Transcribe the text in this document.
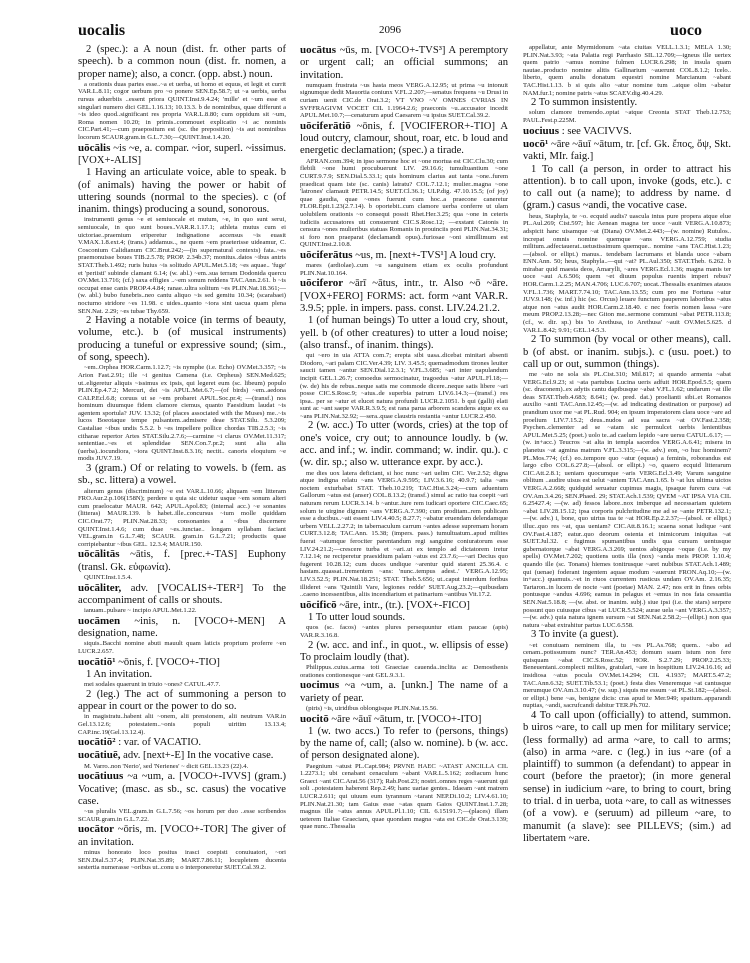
uocalis	2096	uoco

2 (spec.): a A noun (dist. fr. other parts of speech). b a common noun (dist. fr. nomen, a proper name); also, a concr. (opp. abst.) noun.

a orationis duas partes esse..~a et uerba, ut homo et equus, et legit et currit VAR.L.8.11; cogor uerbum pro ~o ponere SEN.Ep.58.7; ut ~a uerbis, uerba rursus aduerbiis ..essent priora QUINT.Inst.9.4.24; 'mille' et ~um esse et singulari numero dici GEL.1.16.13; 10.13.3. b de nominibus, quae differunt a ~is ideo quod..significant res propria VAR.L.8.80; cum oppidum sit ~um, Roma nomen 10.20; in primis..commouet explicatio ~i ac nominis CIC.Part.41;—cum praepositum est (sc. the preposition) ~is aut nominibus locorum SCAUR.gram.in G.L.7.30;—QUINT.Inst.1.4.20.

uōcālis ~is ~e, a. compar. ~ior, superl. ~issimus. [VOX+-ALIS]

1 Having an articulate voice, able to speak. b (of animals) having the power or habit of uttering sounds (normal to the species). c (of inanim. things) producing a sound, sonorous.

instrumenti genus ~e et semiuocale et mutum, ~e, in quo sunt serui, semiuocale, in quo sunt boues..VAR.R.1.17.1; athleta mutus cum ei uictoriae..praemium eriperetur indignatione accensus ~is euasit V.MAX.1.8.ext.4; (trans.) addamus.., ne quem ~em praeterisse uideamur, C. Cosconium Calidianum CIC.Brut.242;—(in supernatural contexts) fata..~es praemonuisse boues TIB.2.5.78; PROP. 2.34b.37; monitus..datos ~ibus antris STAT.Theb.1.492; ruris huius ~is solitudo APUL.Met.5.18; ~es aquae.. 'fuge' et 'periisti' subinde clamant 6.14; (w. abl.) ~em..sua terram Dodonida quercu OV.Met.13.716; (cf.) saxa effigies ..~em sonum reddens TAC.Ann.2.61. b ~is occupat ense canis PROP.4.4.84; ranae..ultra solitum ~es PLIN.Nat.18.361;—(w. abl.) bubo funebris..neo cantu aliquo ~is sed gemitu 10.34; (scarabaei) nocturno stridore ~es 11.98. c uides..quanto ~iora sint uacua quam plena SEN.Nat. 2.29; ~es tubae Thy.659.

2 Having a notable voice (in terms of beauty, volume, etc.). b (of musical instruments) producing a tuneful or expressive sound; (sim., of song, speech).

~em..Orphea HOR.Carm.1.12.7; ~is nymphe (i.e. Echo) OV.Met.3.357; ~is Arion Fast.2.91; ille ~i genitus Camena (i.e. Orpheus) SEN.Med.625; ut..eligeretur aliquis ~issimus ex ipsis, qui legeret eum (sc. libeum) populo PLIN.Ep.4.7.2; Mercuri, dei ~is APUL.Met.6.7;—(of birds) ~em..aedona CALP.Ecl.6.8; coruus ut se ~em probaret APUL.Soc.pr.4; —(transf.) nos hominum diuumque fidem clamore ciemus, quanto Faesidium laudat ~is agentem sportula? JUV. 13.32; (of places associated with the Muses) me..~is lucos Boeotaque tempe pulsantem..admisere deae STAT.Silu. 5.3.209; Castaliae ~ibus undis 5.5.2. b ~es impellere pollice chordas TIB.2.5.3; ~is citharae repertor Artes STAT.Silu.2.7.6;—carmine ~i clarus OV.Met.11.317; sententiae..~es et splendidae SEN.Con.7.pr.2; sunt alia alia (uerba)..iocundiora, ~iora QUINT.Inst.8.3.16; nectit.. canoris eloquium ~e modis JUV.7.19.

3 (gram.) Of or relating to vowels. b (fem. as sb., sc. littera) a vowel.

alterum genus (discriminum) ~e est VAR.L.10.66; aliquam ~em litteram FRO.Aur.2.p.106(158N); perdere u quia sic uidetur usque ~em sonum alteri cum praelocatur MAUR. 642; APUL.Apol.83; (internal acc.) ~e sonantes (litteras) MAUR.139. b habet..ille..concursus ~ium molle quiddam CIC.Orat.77; PLIN.Nat.28.33; consonantes a ~ibus discernere QUINT.Inst.1.4.6; cum duae ~es..iunctae.. longam syllabam faciant VEL.gram.in G.L.7.48; SCAUR. gram.in G.L.7.21; productis quae corripiebantur ~ibus GEL. 12.3.4; MAUR.150.

uōcālitās ~ātis, f. [prec.+-TAS] Euphony (transl. Gk. εὐφωνία).

QUINT.Inst.1.5.4.

uōcāliter, adv. [VOCALIS+-TER²] To the accompaniment of calls or shouts.

ianuam..pulsare ~ incipio APUL.Met.1.22.

uocāmen ~inis, n. [VOCO+-MEN] A designation, name.

siquis..Bacchi nomine abuti mauult quam laticis proprium proferre ~en LUCR.2.657.

uocātiō¹ ~ōnis, f. [VOCO+-TIO]

1 An invitation.

mei sodales quaerunt in triuio ~ones? CATUL.47.7.

2 (leg.) The act of summoning a person to appear in court or the power to do so.

in magistratu..habent alii ~onem, alii prensionem, alii neutrum VAR.in Gel.13.12.6; potestatem..~onis populi uiritim 13.13.4; CAP.inc.19(Gel.13.12.4).

uocātiō² : var. of VACATIO.

uocātiuē, adv. [next+-E] In the vocative case.

M. Varro..non 'Nerio', sed 'Nerienes' ~ dicit GEL.13.23 (22).4.

uocātiuus ~a ~um, a. [VOCO+-IVVS] (gram.) Vocative; (masc. as sb., sc. casus) the vocative case.

~us pluralis VEL.gram.in G.L.7.56; ~os horum per duo ..esse scribendos SCAUR.gram.in G.L.7.22.

uocātor ~ōris, m. [VOCO+-TOR] The giver of an invitation.

minus honorato loco positus irasci coepisti conuiuatori, ~ori SEN.Dial.5.37.4; PLIN.Nat.35.89; MART.7.86.11; locupletem ducenta sestertia numerasse ~oribus ut..conu u o interponeretur SUET.Cal.39.2.

uocātus ~ūs, m. [VOCO+-TVS³] A peremptory or urgent call; an official summons; an invitation.

numquam frustrata ~us hasta meos VERG.A.12.95; ut prima ~u intonuit signumque dedit Mauortia coniunx V.FL.2.207;—senatus frequens ~u Drusi in curiam uenit CIC.de Orat.3.2; VT VNO ~V OMNES CVRIAS IN SVFFRAGIVM VOCET CIL 1.1964.2.6; praeconis ~u..accusator incedit APUL.Met.10.7;—cenaturum apud Caesarem ~u ipsius SUET.Cal.39.2.

uōciferātiō ~ōnis, f. [VOCIFEROR+-TIO] A loud outcry, clamour, shout, roar, etc. b loud and energetic declamation; (spec.) a tirade.

AFRAN.com.394; in ipso sermone hoc et ~one mortua est CIC.Clu.30; cum flebili ~one humi procubuerunt LIV. 29.16.6; tumultuantium ~one CURT.9.7.9; SEN.Dial.5.33.1; quis hominum clarius aut tanta ~one..furem praedicat quam iste (sc. canis) latratu? COL.7.12.1; mulier..magna ~one 'latrones' clamauit PETR.14.5; SUET.Cl.36.1; ULP.dig. 47.10.15.5; (of joy) quae gaudia, quae ~ones fuerunt cum hoc..a praecone caneretur FLOR.Epit.1.23(2.7.14). b oportebit..cum clamore uerba conferre ut ulam uolubilem orationis ~o consequi possit Rhet.Her.3.25; qua ~one in ceteris iudiciis accusatores uti consuerunt CIC.S.Rosc.12; —exstant Catonis in censura ~ones mulieribus statuas Romanis in prouinciis poni PLIN.Nat.34.31; si foro non praeparat (declamandi opus)..furiosae ~oni simillimum est QUINT.Inst.2.10.8.

uōciferātus ~us, m. [next+-TVS¹] A loud cry.

mares (ardiolae)..cum ~u sanguinem etiam ex oculis profundunt PLIN.Nat.10.164.

uōciferor ~ārī ~ātus, intr., tr. Also ~ō ~āre. [VOX+FERO] FORMS: act. form ~ant VAR.R. 3.9.5; pple. in impers. pass. const. LIV.24.21.2.

1 (of human beings) To utter a loud cry, shout, yell. b (of other creatures) to utter a loud noise; (also transf., of inanim. things).

qui ~ero in uia ATTA com.7; erepta sibi uasa..dicebat minitari absenti Diodoro, ~ari palam CIC.Ver.4.39; LIV. 3.45.5; quemadmodum tirones leuiter saucii tamen ~antur SEN.Dial.12.3.1; V.FL.3.685; ~ari inter uapulandum incipit GEL.1.26.7; comoedus sermocinatur, tragoedus ~atur APUL.Fl.18;—(w. de) his de rebus..neque satis me commode dicere..neque satis libere ~ari posse CIC.S.Rosc.9; ~atus..de superbia patrum LIV.6.14.3;—(transf.) res ipsa.. per se ~atur et elucet natura profundi LUCR.2.1051. b qui (galli) elati sunt ac ~ant saepe VAR.R.3.9.5; est rana parua arborem scandens atque ex ea ~ans PLIN.Nat.32.92; —sera..quae claustris restantia ~antur LUCR.2.450.

2 (w. acc.) To utter (words, cries) at the top of one's voice, cry out; to announce loudly. b (w. acc. and inf.; w. indir. command; w. indir. qu.). c (w. dir. sp.; also w. utterance expr. by acc.).

me dies uox latera deficiant, si hoc nunc ~ari uelim CIC. Ver.2.52; digna atque indigna relatu ~ans VERG.A.9.595; LIV.3.6.16; 40.9.7; talia ~ans noctem exturbabat STAT. Theb.10.219; TAC.Hist.3.24;—cum aduentum Gallorum ~atus est (anser) COL.8.13.2; (transf.) simul ac ratio tua coepit ~ari naturam rerum LUCR.3.14. b ~antur..iure rem iudicari oportere CIC.Caec.65; solum te uirgine dignum ~ans VERG.A.7.390; cum proditam..rem publicam esse a ducibus..~ati essent LIV.4.40.5; 8.27.7; ~abatur eruendam delendamque urbem VELL.2.27.2; in tabernaculum carrum ~antes adesse supremam horam CURT.3.12.8; TAC.Ann. 15.38; (impers. pass.) tumultuatum..apud milites fuerat ~atumque ferociter parentandum regi sanguine coniuratorum esse LIV.24.21.2;—crescere turba et ~ari..ut ex templo ad dictatorem iretur 7.12.14; ne reciperetur praesidium palam ~atus est 23.7.6;—~ari Decius quo fugerent 10.28.12; cum duces undique ~arentur quid starent 25.36.4. c hastam..quassat..trementem ~ans: 'nunc..tempus adest..' VERG.A.12.95; LIV.3.52.5; PLIN.Nat.18.251; STAT. Theb.5.656; ut..caput interdum foribus illideret ~ans 'Quintili Vare, legiones redde' SUET.Aug.23.2;—quibusdam ..caeno incessentibus, aliis incendiarium et patinarium ~antibus Vit.17.2.

uōcificō ~āre, intr., (tr.). [VOX+-FICO]

1 To utter loud sounds.

quos (sc. facos) ~antes plures persequuntur etiam paucae (apis) VAR.R.3.16.8.

2 (w. acc. and inf., in quot., w. ellipsis of esse) To proclaim loudly (that).

Philippus..cuius..arma toti Graeciae cauenda..inclita ac Demosthenis orationes contionesque ~ant GEL.9.3.1.

uocimus ~a ~um, a. [unkn.] The name of a variety of pear.

(piris) ~is, uiridibus oblongisque PLIN.Nat.15.56.

uocitō ~āre ~āuī ~ātum, tr. [VOCO+-ITO]

1 (w. two accs.) To refer to (persons, things) by the name of, call; (also w. nomine). b (w. acc. of person designated alone).

Paegnium ~atust PL.Capt.984; PRVNE HAEC ~ATAST ANCILLA CIL 1.2273.1; ubi cenabant cenaculum ~abant VAR.L.5.162; zodiacum hunc Graeci ~ant CIC.Arat.56 (317); Rab.Post.23; nostri..omnes reges ~auerunt qui soli ..potestatem haberent Rep.2.49; hanc uariae gentes.. Idaeam ~ant matrem LUCR.2.611; qui uiuum eum tyrannum ~tarant NEP.Di.10.2; LIV.4.61.10; PLIN.Nat.21.30; tam Gaius esse ~atas quam Gaios QUINT.Inst.1.7.28; magnus ille ~atus annus APUL.Pl.1.10; CIL 6.15191.7;—(places) illam ueterem Italiae Graeciam, quae quondam magna ~ata est CIC.de Orat.3.139; quae nunc..Thessalia

appellatur, ante Myrmidonum ~ata ciuitas VELL.1.3.1; MELA 1.30; PLIN.Nat.3.93; ~ata Palatia regi Parrhasio SIL.12.709;—igneus ille uertex quem patrio ~amus nomine fulmen LUCR.6.298; in insula quam nautae..producto nomine alitis Gallinarium ~auerunt COL.8.1.2; Icelo.. liberto, quem anulis donatum equestri nomine Marcianum ~abant TAC.Hist.1.13. b si quis alio ~atur nomine tum ..atque olim ~abatur NAM.fur.1; nomine patris ~atus SCAEV.dig.40.4.29.

2 To summon insistently.

solum clamore tremendo..optat ~atque Creonta STAT Theb.12.753; PAUL.Fest.p.225M.

uociuus : see VACIVVS.

uocō¹ ~āre ~āuī ~ātum, tr. [cf. Gk. ἔπος, ὄψ, Skt. vakti, MIr. faig.]

1 To call (a person, in order to attract his attention). b to call upon, invoke (gods, etc.). c to call out (a name); to address by name. d (gram.) casus ~andi, the vocative case.

heus, Staphyla, te ~o. ecquid audis? uascula intus pure propera atque elue PL.Aul.269; Cist.597; hic Aenean magna ter uoce ~auit VERG.A.10.873; adspicit hanc uisamque ~at (Diana) OV.Met.2.443;—(w. nomine) Rutulos.. increpat omnis nomine quemque ~ans VERG.A.12.759; studia militum..adfectauerat..uetustissimum quemque.. nomine ~ans TAC.Hist.1.23;—(absol. or ellipt.) manus.. tendebam lacrumans et blanda uoce ~abam ENN.Ann. 50; heus, Staphyla..—qui ~at? PL.Aul.350; STAT.Theb. 6.262. b mirabar quid maesta deos, Amarylli, ~ares VERG.Ecl.1.36; magna manis ter uoce ~aui A.6.506; quem ~et diuum populus ruentis imperi rebus? HOR.Carm.1.2.25; MAN.4.706; LUC.6.707; uocat..Thessalis exanimes atauos V.FL.1.736; MART.7.74.10; TAC.Ann.13.55; cum pro me Fortuna ~atur JUV.9.148; (w. inf.) hic (sc. Orcus) leuare functum pauperem laboribus ~atus atque non ~atus audit HOR.Carm.2.18.40. c nec foeris nomen lassa ~are meum PROP.2.13.28;—nec Giton me..sermone communi ~abat PETR.113.8; (cf., w. dir. sp.) bis 'io Arethusa, io Arethusa' ~auit OV.Met.5.625. d VAR.L.8.42; 9.91; GEL.14.5.3.

2 To summon (by vocal or other means), call. b (of abst. or inanim. subjs.). c (usu. poet.) to call up or out, summon (things).

me ~ato ne sola sis PL.Cist.310; Mil.817; si quando armenta ~abat VERG.Ecl.9.23; si ~ata partubus Lucina ueris adfuit HOR.Epod.5.5; quem (sc. draconem)..ex adytis cantu dapibusque ~abat V.FL.1.62; undarum ~at ille deas STAT.Theb.4.683; 8.641; (w. pred. dat.) proelianti sibi..et Romanos auxilio ~anti TAC.Ann.12.45;—(w. ad indicating destination or purpose) ad prandium uxor me ~at PL.Rud. 904; en ipsum imperatorem clara uoce ~are ad proelium LIV.7.15.2; deus..nudos ad sua sacra ~at OV.Fast.2.358; Psychen..clementer ad se ~atam sic permulcet uerbis lenientibus APUL.Met.5.25; (poet.) uolo te..ad caelum lepido ~are uersu CATUL.6.17; —(w. in+acc.) Teucros ~at alta in templa sacerdos VERG.A.6.41; misera in planetus ~at agmina matrum V.FL.3.315;—(w. adv.) eon, ~o huc hominem? PL.Mos.774; (cf.) eo..tempore quo ~atur (equus) a feminis, roborandus est largo cibo COL.6.27.8;—(absol. or ellipt.) ~o, quaero ecquid litterarum CIC.Att.2.8.1; ueniam quocumque ~aris VERG.Ecl.3.49; Varum sanguine oblitum ..audire uisus est uelut ~antem TAC.Ann.1.65. b ~at lux ultima uictos VERG.A.2.668; quidquid seruatur cupimus magis, ipsaque furem cura ~at OV.Am.3.4.26; SEN.Phaed. 29; STAT.Ach.1.539; QVEM ~AT IPSA VIA CIL 6.25427.4; —(w. ad) fessos labore..nox imberque ad necessariam quietem ~abat LIV.28.15.12; ipsa corporis pulchritudine me ad se ~ante PETR.132.1;—(w. adv.) i, bone, quo uirtus tua te ~at HOR.Ep.2.2.37;—(absol. or ellipt.) illuc..quo res ~at, qua ueniam? CIC.Att.8.16.1; scaena sonat ludique ~ant OV.Fast.4.187; eatur..quo deorum ostenta et inimicorum iniquitas ~at SUET.Jul.32. c fugimus spumantibus undis qua cursum uentusque gubernatorque ~abat VERG.A.3.269; uentos abigoque ~oque (i.e. by my spells) OV.Met.7.202; quotiens uotis illa (nox) ~anda meis PROP. 1.10.4; quando ille (sc. Tonans) hiemes tonitrusque ~aret nubibus STAT.Ach.1.489; qui (uenae) foderant ingentem aquae modum ~auerunt FRON.Aq.10;—(w. in+acc.) quamuis..~et in riuos currentem rusticus undam OV.Am. 2.16.35; Tartaron..in lucem de nocte ~ant (poetae) MAN. 2.47; nos erit in fines orbis pontusque ~andus 4.696; eamus in pelagus et ~emus in nos fata cessantia SEN.Nat.5.18.8; —(w. abst. or inanim. subj.) siue ipsi (i.e. the stars) serpere possunt quo cuiusque cibus ~at LUCR.5.524; aurae uela ~ant VERG.A.3.357;—(w. adv.) quia natura ignem sursum ~at SEN.Nat.2.58.2;—(ellipt.) non qua natura ~abat extrahitur partus LUC.6.558.

3 To invite (a guest).

~et conuiuam neminem illa, tu ~es PL.As.768; quem.. ~abo ad cenam..potissumum nunc? TER.An.453; domum suam istum non fere quisquam ~abat CIC.S.Rosc.52; HOR. S.2.7.29; PROP.2.25.33; Beneuentani..complecti milites, gratulari, ~are in hospitium LIV.24.16.16; ad insidiosa ~atus pocula OV.Met.14.294; CIL 4.1937; MART.5.47.2; TAC.Ann.6.32; SUET.Tib.53.1; (poet.) festa dies Veneremque ~at cantusque merumque OV.Am.3.10.47; (w. sup.) siquis me essum ~at PL.St.182;—(absol. or ellipt.) bene ~as, benigne dicis: cras apud te Mer.949; spatium..apparandi nuptias, ~andi, sacrufcandi dabitur TER.Ph.702.

4 To call upon (officially) to attend, summon. b uiros ~are, to call up men for military service; (less formally) ad arma ~are, to call to arms; (also) in arma ~are. c (leg.) in ius ~are (of a plaintiff) to summon (a defendant) to appear in court (before the praetor); (in more general sense) in iudicium ~are, to bring to court, bring to trial. d in uerba, uota ~are, to call as witnesses (of a vow). e (seruum) ad pilleum ~are, to manumit (a slave): see PILLEVS; (sim.) ad libertatem ~are.
